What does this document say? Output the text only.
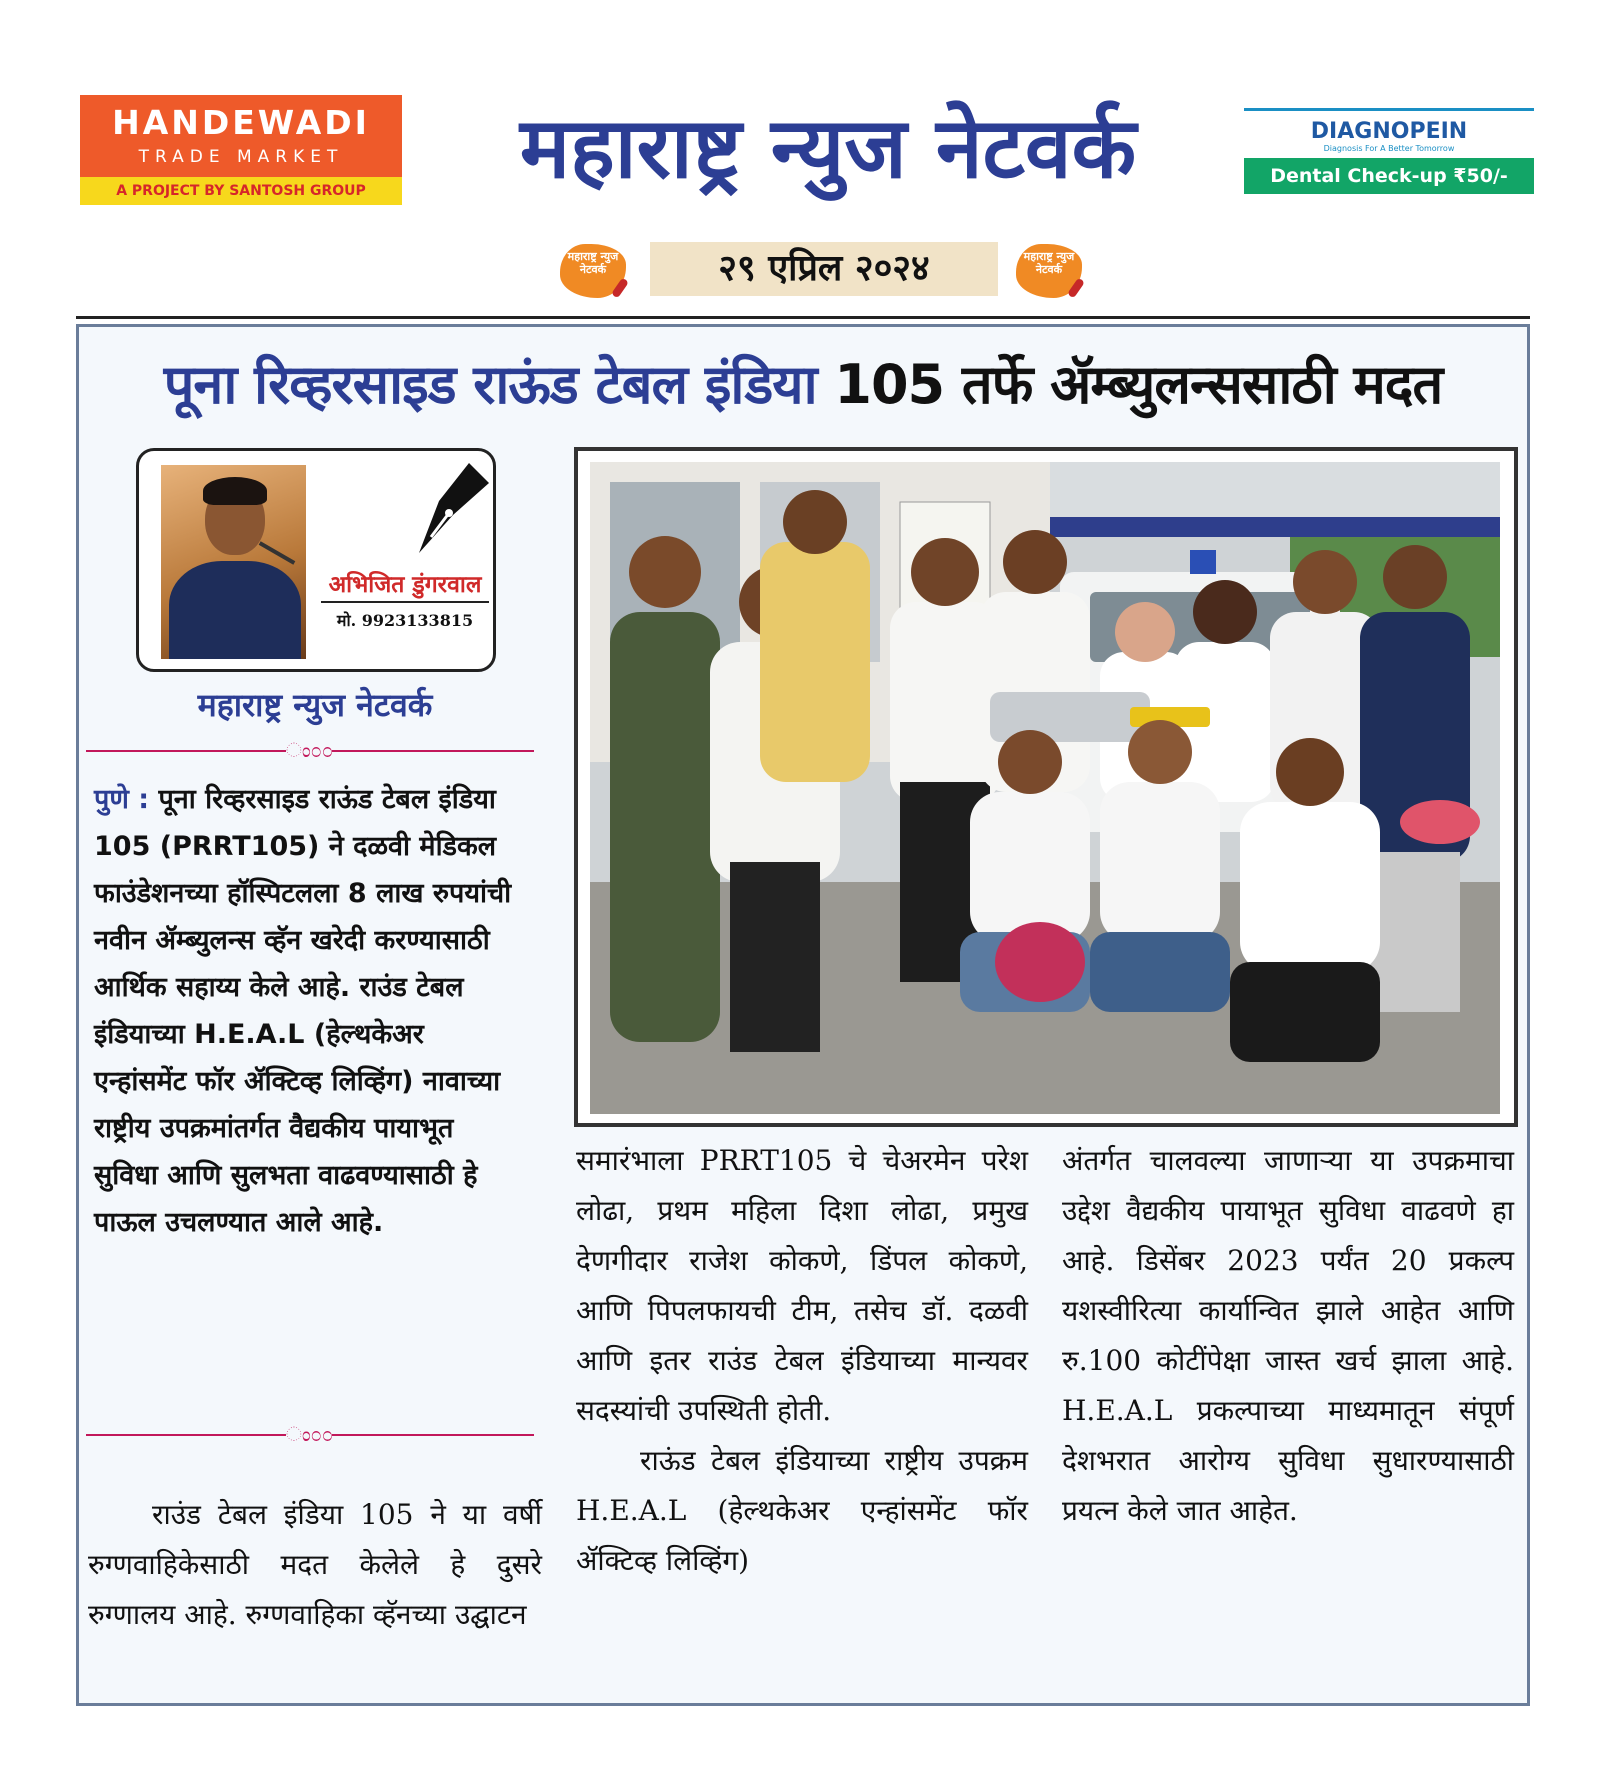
HANDEWADI
TRADE MARKET
A PROJECT BY SANTOSH GROUP	महाराष्ट्र न्युज नेटवर्क	DIAGNOPEIN
Diagnosis For A Better Tomorrow
Dental Check-up ₹50/-
महाराष्ट्र न्युज नेटवर्क	२९ एप्रिल २०२४	महाराष्ट्र न्युज नेटवर्क
पूना रिव्हरसाइड राऊंड टेबल इंडिया 105 तर्फे ॲम्ब्युलन्ससाठी मदत
अभिजित डुंगरवाल
मो. 9923133815
महाराष्ट्र न्युज नेटवर्क
ಂ೦೦
पुणे : पूना रिव्हरसाइड राऊंड टेबल इंडिया 105 (PRRT105) ने दळवी मेडिकल फाउंडेशनच्या हॉस्पिटलला 8 लाख रुपयांची नवीन ॲम्ब्युलन्स व्हॅन खरेदी करण्यासाठी आर्थिक सहाय्य केले आहे. राउंड टेबल इंडियाच्या H.E.A.L (हेल्थकेअर एन्हांसमेंट फॉर ॲक्टिव्ह लिव्हिंग) नावाच्या राष्ट्रीय उपक्रमांतर्गत वैद्यकीय पायाभूत सुविधा आणि सुलभता वाढवण्यासाठी हे पाऊल उचलण्यात आले आहे.
ಂ೦೦

राउंड टेबल इंडिया 105 ने या वर्षी रुग्णवाहिकेसाठी मदत केलेले हे दुसरे रुग्णालय आहे. रुग्णवाहिका व्हॅनच्या उद्घाटन

समारंभाला PRRT105 चे चेअरमेन परेश लोढा, प्रथम महिला दिशा लोढा, प्रमुख देणगीदार राजेश कोकणे, डिंपल कोकणे, आणि पिपलफायची टीम, तसेच डॉ. दळवी आणि इतर राउंड टेबल इंडियाच्या मान्यवर सदस्यांची उपस्थिती होती.

राऊंड टेबल इंडियाच्या राष्ट्रीय उपक्रम H.E.A.L (हेल्थकेअर एन्हांसमेंट फॉर ॲक्टिव्ह लिव्हिंग)

अंतर्गत चालवल्या जाणाऱ्या या उपक्रमाचा उद्देश वैद्यकीय पायाभूत सुविधा वाढवणे हा आहे. डिसेंबर 2023 पर्यंत 20 प्रकल्प यशस्वीरित्या कार्यान्वित झाले आहेत आणि रु.100 कोटींपेक्षा जास्त खर्च झाला आहे. H.E.A.L प्रकल्पाच्या माध्यमातून संपूर्ण देशभरात आरोग्य सुविधा सुधारण्यासाठी प्रयत्न केले जात आहेत.
